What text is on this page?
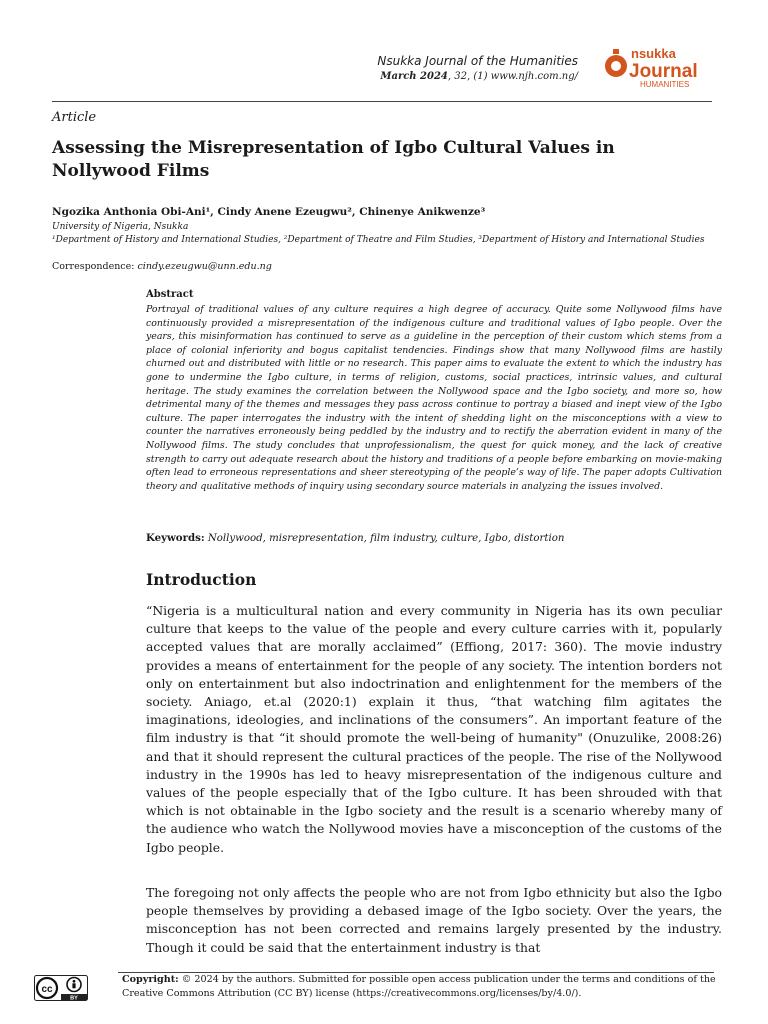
Nsukka Journal of the Humanities
March 2024, 32, (1) www.njh.com.ng/
nsukka
Journal
HUMANITIES
Article
Assessing the Misrepresentation of Igbo Cultural Values in
Nollywood Films
Ngozika Anthonia Obi-Ani¹, Cindy Anene Ezeugwu², Chinenye Anikwenze³
University of Nigeria, Nsukka
¹Department of History and International Studies, ²Department of Theatre and Film Studies, ³Department of History and International Studies
Correspondence: cindy.ezeugwu@unn.edu.ng
Abstract
Portrayal of traditional values of any culture requires a high degree of accuracy. Quite some Nollywood films have continuously provided a misrepresentation of the indigenous culture and traditional values of Igbo people. Over the years, this misinformation has continued to serve as a guideline in the perception of their custom which stems from a place of colonial inferiority and bogus capitalist tendencies. Findings show that many Nollywood films are hastily churned out and distributed with little or no research. This paper aims to evaluate the extent to which the industry has gone to undermine the Igbo culture, in terms of religion, customs, social practices, intrinsic values, and cultural heritage. The study examines the correlation between the Nollywood space and the Igbo society, and more so, how detrimental many of the themes and messages they pass across continue to portray a biased and inept view of the Igbo culture. The paper interrogates the industry with the intent of shedding light on the misconceptions with a view to counter the narratives erroneously being peddled by the industry and to rectify the aberration evident in many of the Nollywood films. The study concludes that unprofessionalism, the quest for quick money, and the lack of creative strength to carry out adequate research about the history and traditions of a people before embarking on movie-making often lead to erroneous representations and sheer stereotyping of the people’s way of life. The paper adopts Cultivation theory and qualitative methods of inquiry using secondary source materials in analyzing the issues involved.
Keywords: Nollywood, misrepresentation, film industry, culture, Igbo, distortion
Introduction
“Nigeria is a multicultural nation and every community in Nigeria has its own peculiar culture that keeps to the value of the people and every culture carries with it, popularly accepted values that are morally acclaimed” (Effiong, 2017: 360). The movie industry provides a means of entertainment for the people of any society. The intention borders not only on entertainment but also indoctrination and enlightenment for the members of the society. Aniago, et.al (2020:1) explain it thus, “that watching film agitates the imaginations, ideologies, and inclinations of the consumers”. An important feature of the film industry is that “it should promote the well-being of humanity" (Onuzulike, 2008:26) and that it should represent the cultural practices of the people. The rise of the Nollywood industry in the 1990s has led to heavy misrepresentation of the indigenous culture and values of the people especially that of the Igbo culture. It has been shrouded with that which is not obtainable in the Igbo society and the result is a scenario whereby many of the audience who watch the Nollywood movies have a misconception of the customs of the Igbo people.
The foregoing not only affects the people who are not from Igbo ethnicity but also the Igbo people themselves by providing a debased image of the Igbo society. Over the years, the misconception has not been corrected and remains largely presented by the industry. Though it could be said that the entertainment industry is that
cc
BY
Copyright: © 2024 by the authors. Submitted for possible open access publication under the terms and conditions of the Creative Commons Attribution (CC BY) license (https://creativecommons.org/licenses/by/4.0/).
